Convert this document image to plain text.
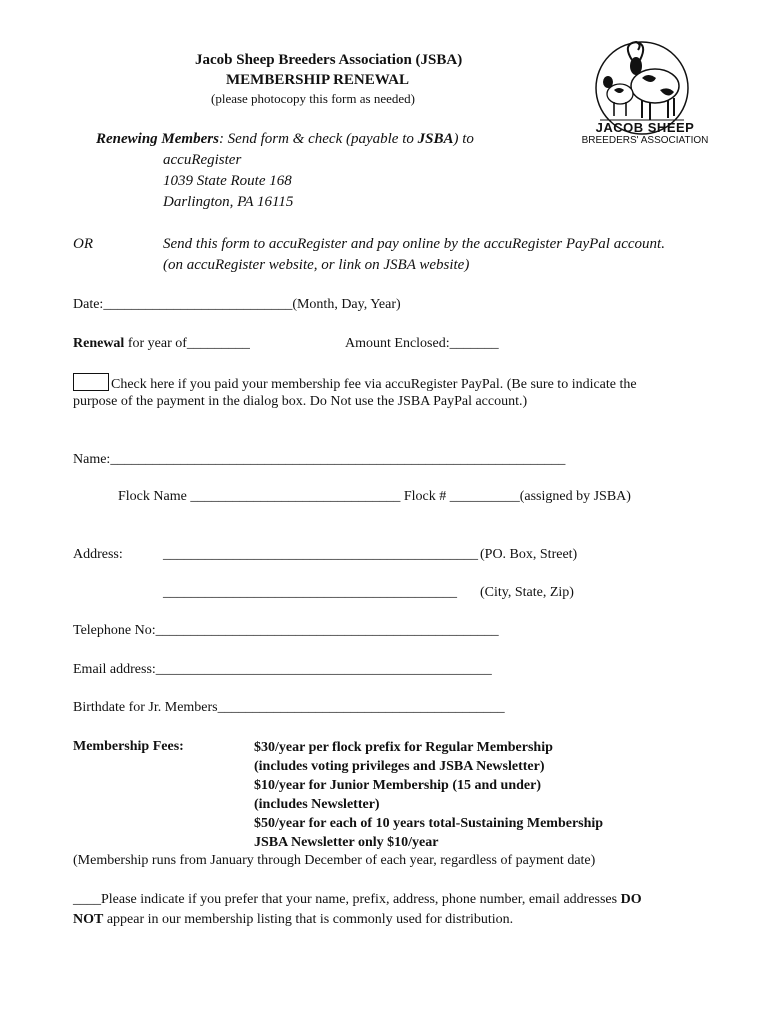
Jacob Sheep Breeders Association (JSBA)
MEMBERSHIP RENEWAL
(please photocopy this form as needed)
JACOB SHEEP
BREEDERS' ASSOCIATION
Renewing Members: Send form & check (payable to JSBA) to
accuRegister
1039 State Route 168
Darlington, PA 16115
OR	Send this form to accuRegister and pay online by the accuRegister PayPal account.
(on accuRegister website, or link on JSBA website)
Date:___________________________(Month, Day, Year)
Renewal for year of_________	Amount Enclosed:_______
Check here if you paid your membership fee via accuRegister PayPal. (Be sure to indicate the
purpose of the payment in the dialog box. Do Not use the JSBA PayPal account.)
Name:_________________________________________________________________
Flock Name ______________________________ Flock # __________(assigned by JSBA)
Address:	_____________________________________________ (PO. Box, Street)
__________________________________________ (City, State, Zip)
Telephone No:_________________________________________________
Email address:________________________________________________
Birthdate for Jr. Members_________________________________________
Membership Fees:	$30/year per flock prefix for Regular Membership
(includes voting privileges and JSBA Newsletter)
$10/year for Junior Membership (15 and under)
(includes Newsletter)
$50/year for each of 10 years total-Sustaining Membership
JSBA Newsletter only $10/year
(Membership runs from January through December of each year, regardless of payment date)
____Please indicate if you prefer that your name, prefix, address, phone number, email addresses DO
NOT appear in our membership listing that is commonly used for distribution.
